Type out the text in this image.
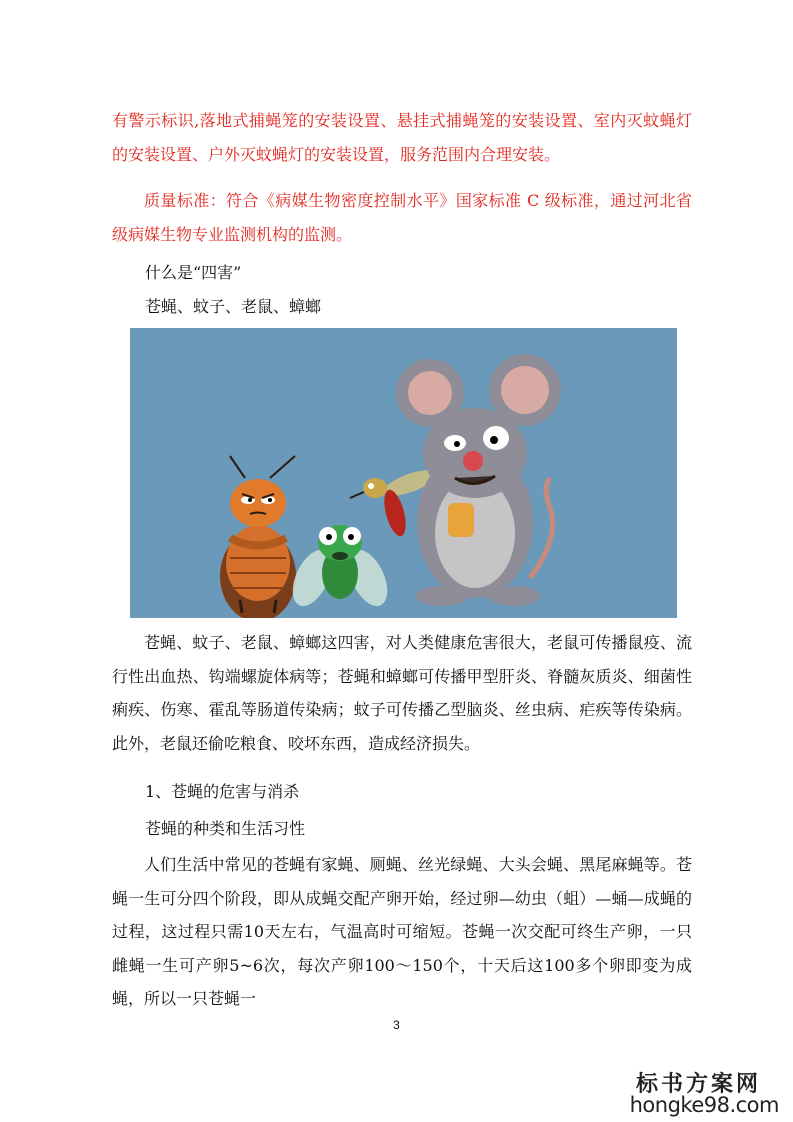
有警示标识,落地式捕蝇笼的安装设置、悬挂式捕蝇笼的安装设置、室内灭蚊蝇灯的安装设置、户外灭蚊蝇灯的安装设置，服务范围内合理安装。

质量标准：符合《病媒生物密度控制水平》国家标准 C 级标准，通过河北省级病媒生物专业监测机构的监测。

什么是“四害”

苍蝇、蚊子、老鼠、蟑螂

苍蝇、蚊子、老鼠、蟑螂这四害，对人类健康危害很大，老鼠可传播鼠疫、流行性出血热、钩端螺旋体病等；苍蝇和蟑螂可传播甲型肝炎、脊髓灰质炎、细菌性痢疾、伤寒、霍乱等肠道传染病；蚊子可传播乙型脑炎、丝虫病、疟疾等传染病。此外，老鼠还偷吃粮食、咬坏东西，造成经济损失。

1、苍蝇的危害与消杀

苍蝇的种类和生活习性

人们生活中常见的苍蝇有家蝇、厕蝇、丝光绿蝇、大头会蝇、黑尾麻蝇等。苍蝇一生可分四个阶段，即从成蝇交配产卵开始，经过卵—幼虫（蛆）—蛹—成蝇的过程，这过程只需10天左右，气温高时可缩短。苍蝇一次交配可终生产卵，一只雌蝇一生可产卵5~6次，每次产卵100～150个，十天后这100多个卵即变为成蝇，所以一只苍蝇一

3
标书方案网
hongke98.com
